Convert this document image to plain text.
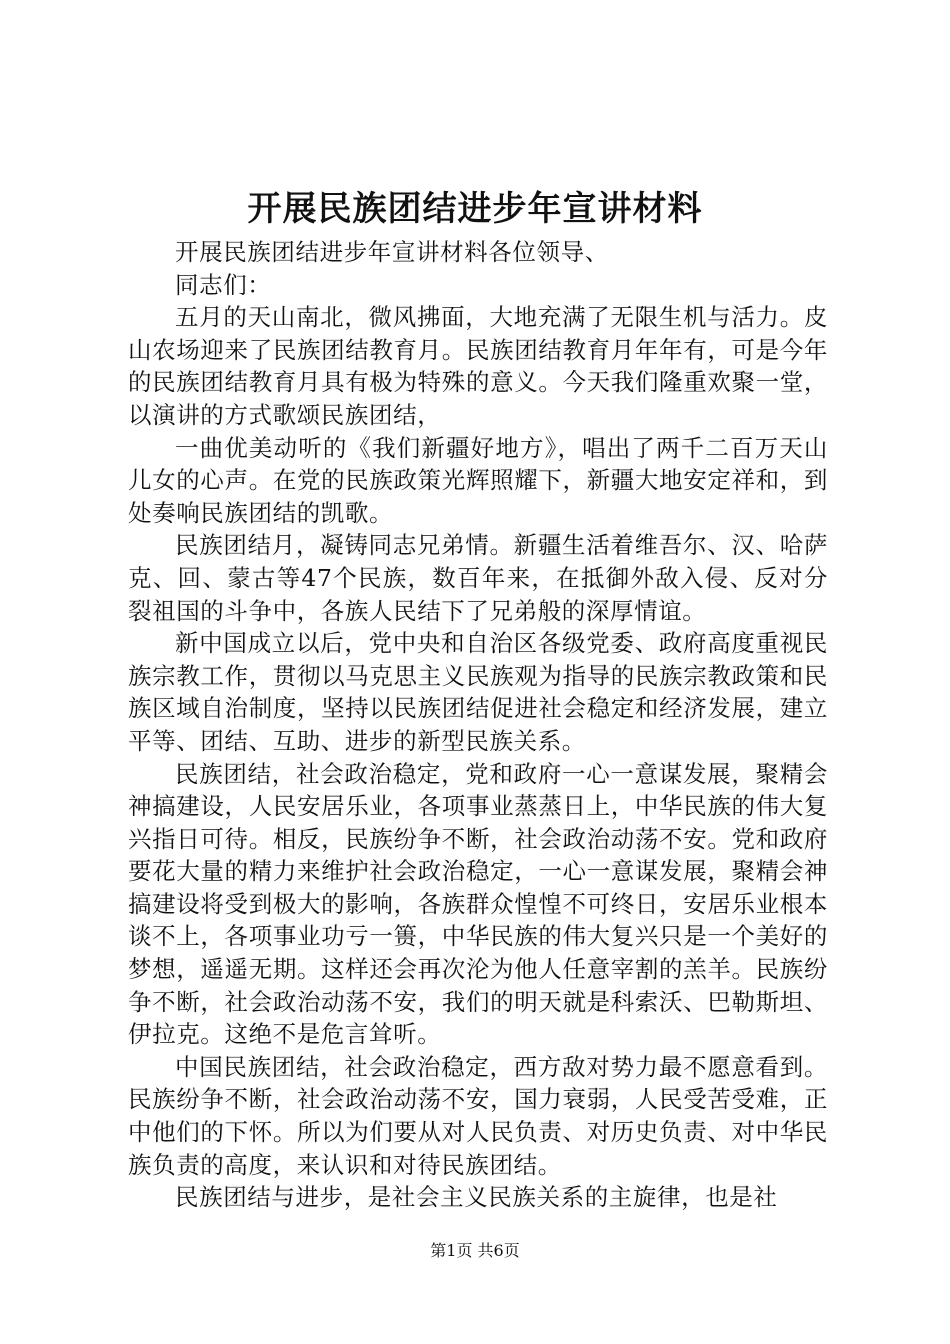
开展民族团结进步年宣讲材料

开展民族团结进步年宣讲材料各位领导、

同志们：

五月的天山南北，微风拂面，大地充满了无限生机与活力。皮山农场迎来了民族团结教育月。民族团结教育月年年有，可是今年的民族团结教育月具有极为特殊的意义。今天我们隆重欢聚一堂，以演讲的方式歌颂民族团结，

一曲优美动听的《我们新疆好地方》，唱出了两千二百万天山儿女的心声。在党的民族政策光辉照耀下，新疆大地安定祥和，到处奏响民族团结的凯歌。

民族团结月，凝铸同志兄弟情。新疆生活着维吾尔、汉、哈萨克、回、蒙古等47个民族，数百年来，在抵御外敌入侵、反对分裂祖国的斗争中，各族人民结下了兄弟般的深厚情谊。

新中国成立以后，党中央和自治区各级党委、政府高度重视民族宗教工作，贯彻以马克思主义民族观为指导的民族宗教政策和民族区域自治制度，坚持以民族团结促进社会稳定和经济发展，建立平等、团结、互助、进步的新型民族关系。

民族团结，社会政治稳定，党和政府一心一意谋发展，聚精会神搞建设，人民安居乐业，各项事业蒸蒸日上，中华民族的伟大复兴指日可待。相反，民族纷争不断，社会政治动荡不安。党和政府要花大量的精力来维护社会政治稳定，一心一意谋发展，聚精会神搞建设将受到极大的影响，各族群众惶惶不可终日，安居乐业根本谈不上，各项事业功亏一篑，中华民族的伟大复兴只是一个美好的梦想，遥遥无期。这样还会再次沦为他人任意宰割的羔羊。民族纷争不断，社会政治动荡不安，我们的明天就是科索沃、巴勒斯坦、伊拉克。这绝不是危言耸听。

中国民族团结，社会政治稳定，西方敌对势力最不愿意看到。民族纷争不断，社会政治动荡不安，国力衰弱，人民受苦受难，正中他们的下怀。所以为们要从对人民负责、对历史负责、对中华民族负责的高度，来认识和对待民族团结。

民族团结与进步，是社会主义民族关系的主旋律，也是社

第1页 共6页
